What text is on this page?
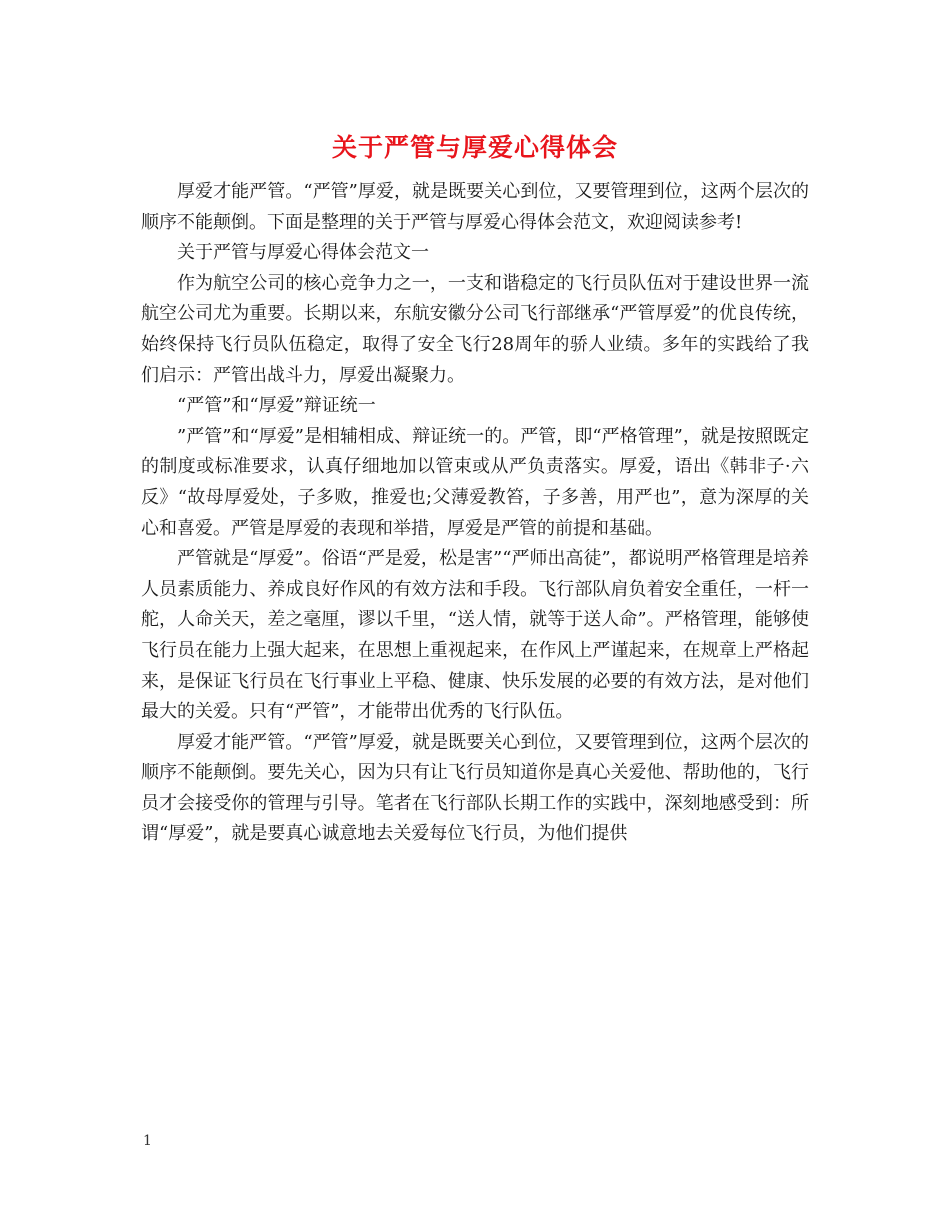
关于严管与厚爱心得体会

厚爱才能严管。“严管”厚爱，就是既要关心到位，又要管理到位，这两个层次的顺序不能颠倒。下面是整理的关于严管与厚爱心得体会范文，欢迎阅读参考!

关于严管与厚爱心得体会范文一

作为航空公司的核心竞争力之一，一支和谐稳定的飞行员队伍对于建设世界一流航空公司尤为重要。长期以来，东航安徽分公司飞行部继承“严管厚爱”的优良传统，始终保持飞行员队伍稳定，取得了安全飞行28周年的骄人业绩。多年的实践给了我们启示：严管出战斗力，厚爱出凝聚力。

“严管”和“厚爱”辩证统一

”严管”和“厚爱”是相辅相成、辩证统一的。严管，即“严格管理”，就是按照既定的制度或标准要求，认真仔细地加以管束或从严负责落实。厚爱，语出《韩非子·六反》“故母厚爱处，子多败，推爱也;父薄爱教笞，子多善，用严也”，意为深厚的关心和喜爱。严管是厚爱的表现和举措，厚爱是严管的前提和基础。

严管就是“厚爱”。俗语“严是爱，松是害”“严师出高徒”，都说明严格管理是培养人员素质能力、养成良好作风的有效方法和手段。飞行部队肩负着安全重任，一杆一舵，人命关天，差之毫厘，谬以千里，“送人情，就等于送人命”。严格管理，能够使飞行员在能力上强大起来，在思想上重视起来，在作风上严谨起来，在规章上严格起来，是保证飞行员在飞行事业上平稳、健康、快乐发展的必要的有效方法，是对他们最大的关爱。只有“严管”，才能带出优秀的飞行队伍。

厚爱才能严管。“严管”厚爱，就是既要关心到位，又要管理到位，这两个层次的顺序不能颠倒。要先关心，因为只有让飞行员知道你是真心关爱他、帮助他的，飞行员才会接受你的管理与引导。笔者在飞行部队长期工作的实践中，深刻地感受到：所谓“厚爱”，就是要真心诚意地去关爱每位飞行员，为他们提供

1
